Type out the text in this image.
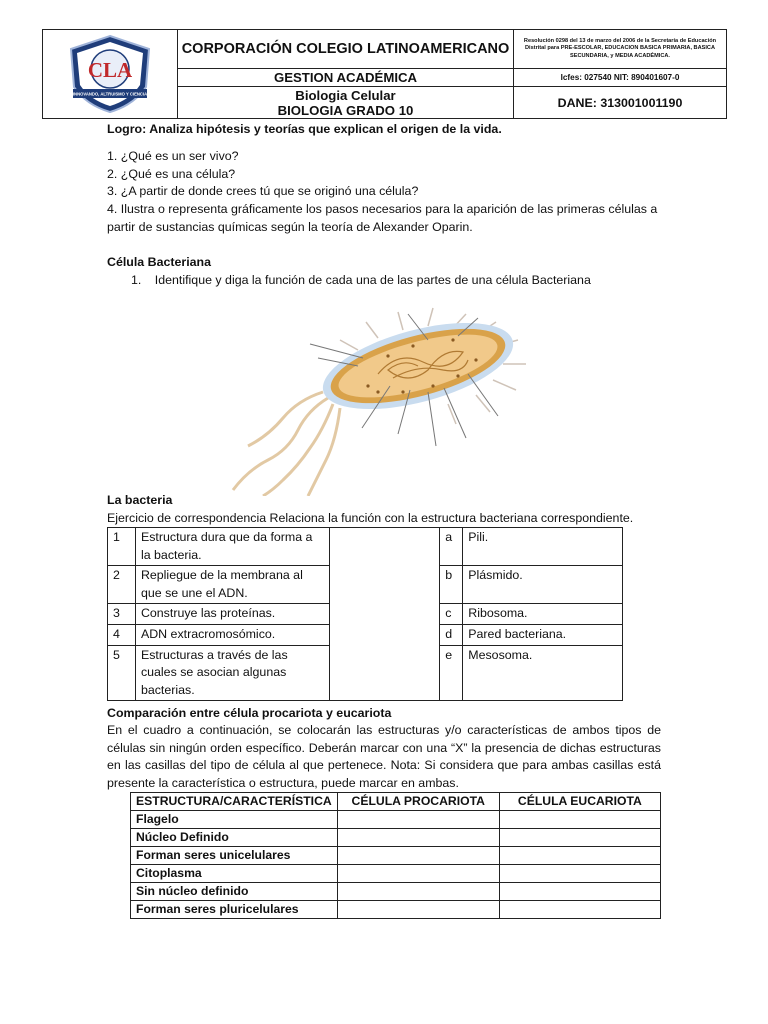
CLA
INNOVANDO, ALTRUISMO Y CIENCIA
CORPORACIÓN COLEGIO LATINOAMERICANO
GESTION ACADÉMICA
Biologia Celular
BIOLOGIA GRADO 10
Resolución 0298 del 13 de marzo del 2006 de la Secretaría de Educación Distrital para PRE-ESCOLAR, EDUCACION BASICA PRIMARIA, BASICA SECUNDARIA, y MEDIA ACADÉMICA.
Icfes: 027540 NIT: 890401607-0
DANE: 313001001190
Logro: Analiza hipótesis y teorías que explican el origen de la vida.
1. ¿Qué es un ser vivo?
2. ¿Qué es una célula?
3. ¿A partir de donde crees tú que se originó una célula?
4. Ilustra o representa gráficamente los pasos necesarios para la aparición de las primeras células a
partir de sustancias químicas según la teoría de Alexander Oparin.
Célula Bacteriana
1. Identifique y diga la función de cada una de las partes de una célula Bacteriana
La bacteria
Ejercicio de correspondencia Relaciona la función con la estructura bacteriana correspondiente.
1	Estructura dura que da forma a la bacteria.		a	Pili.
2	Repliegue de la membrana al que se une el ADN.		b	Plásmido.
3	Construye las proteínas.		c	Ribosoma.
4	ADN extracromosómico.		d	Pared bacteriana.
5	Estructuras a través de las cuales se asocian algunas bacterias.		e	Mesosoma.
Comparación entre célula procariota y eucariota
En el cuadro a continuación, se colocarán las estructuras y/o características de ambos tipos de células sin ningún orden específico. Deberán marcar con una “X” la presencia de dichas estructuras en las casillas del tipo de célula al que pertenece. Nota: Si considera que para ambas casillas está presente la característica o estructura, puede marcar en ambas.
ESTRUCTURA/CARACTERÍSTICA	CÉLULA PROCARIOTA	CÉLULA EUCARIOTA
Flagelo		
Núcleo Definido		
Forman seres unicelulares		
Citoplasma		
Sin núcleo definido		
Forman seres pluricelulares		
